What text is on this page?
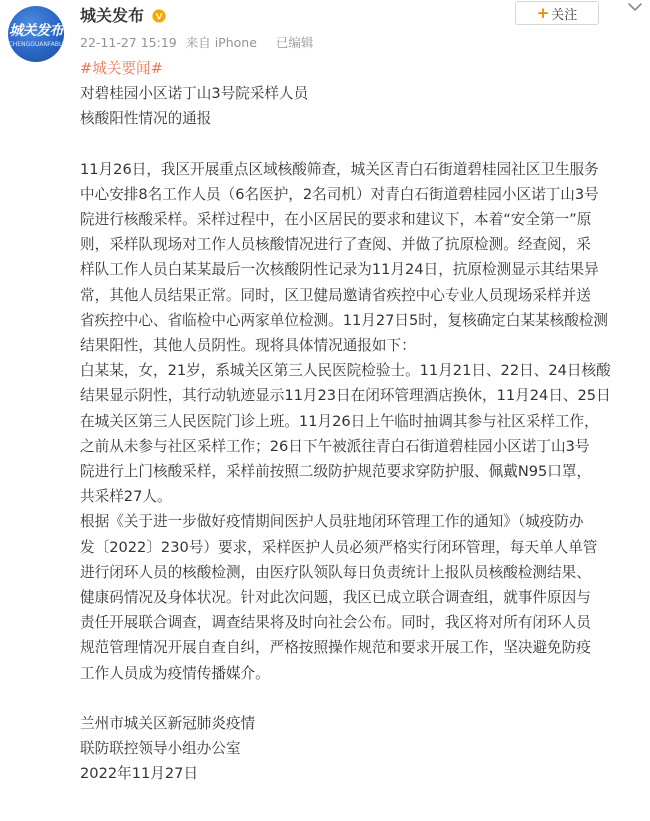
城关发布
CHENGGUANFABU
城关发布
22-11-27 15:19 来自 iPhone 已编辑
+ 关注
#城关要闻#
对碧桂园小区诺丁山3号院采样人员
核酸阳性情况的通报
11月26日，我区开展重点区域核酸筛查，城关区青白石街道碧桂园社区卫生服务
中心安排8名工作人员（6名医护，2名司机）对青白石街道碧桂园小区诺丁山3号
院进行核酸采样。采样过程中，在小区居民的要求和建议下，本着“安全第一”原
则，采样队现场对工作人员核酸情况进行了查阅、并做了抗原检测。经查阅，采
样队工作人员白某某最后一次核酸阴性记录为11月24日，抗原检测显示其结果异
常，其他人员结果正常。同时，区卫健局邀请省疾控中心专业人员现场采样并送
省疾控中心、省临检中心两家单位检测。11月27日5时，复核确定白某某核酸检测
结果阳性，其他人员阴性。现将具体情况通报如下：
白某某，女，21岁，系城关区第三人民医院检验士。11月21日、22日、24日核酸
结果显示阴性，其行动轨迹显示11月23日在闭环管理酒店换休，11月24日、25日
在城关区第三人民医院门诊上班。11月26日上午临时抽调其参与社区采样工作，
之前从未参与社区采样工作；26日下午被派往青白石街道碧桂园小区诺丁山3号
院进行上门核酸采样，采样前按照二级防护规范要求穿防护服、佩戴N95口罩，
共采样27人。
根据《关于进一步做好疫情期间医护人员驻地闭环管理工作的通知》（城疫防办
发〔2022〕230号）要求，采样医护人员必须严格实行闭环管理，每天单人单管
进行闭环人员的核酸检测，由医疗队领队每日负责统计上报队员核酸检测结果、
健康码情况及身体状况。针对此次问题，我区已成立联合调查组，就事件原因与
责任开展联合调查，调查结果将及时向社会公布。同时，我区将对所有闭环人员
规范管理情况开展自查自纠，严格按照操作规范和要求开展工作，坚决避免防疫
工作人员成为疫情传播媒介。
兰州市城关区新冠肺炎疫情
联防联控领导小组办公室
2022年11月27日
